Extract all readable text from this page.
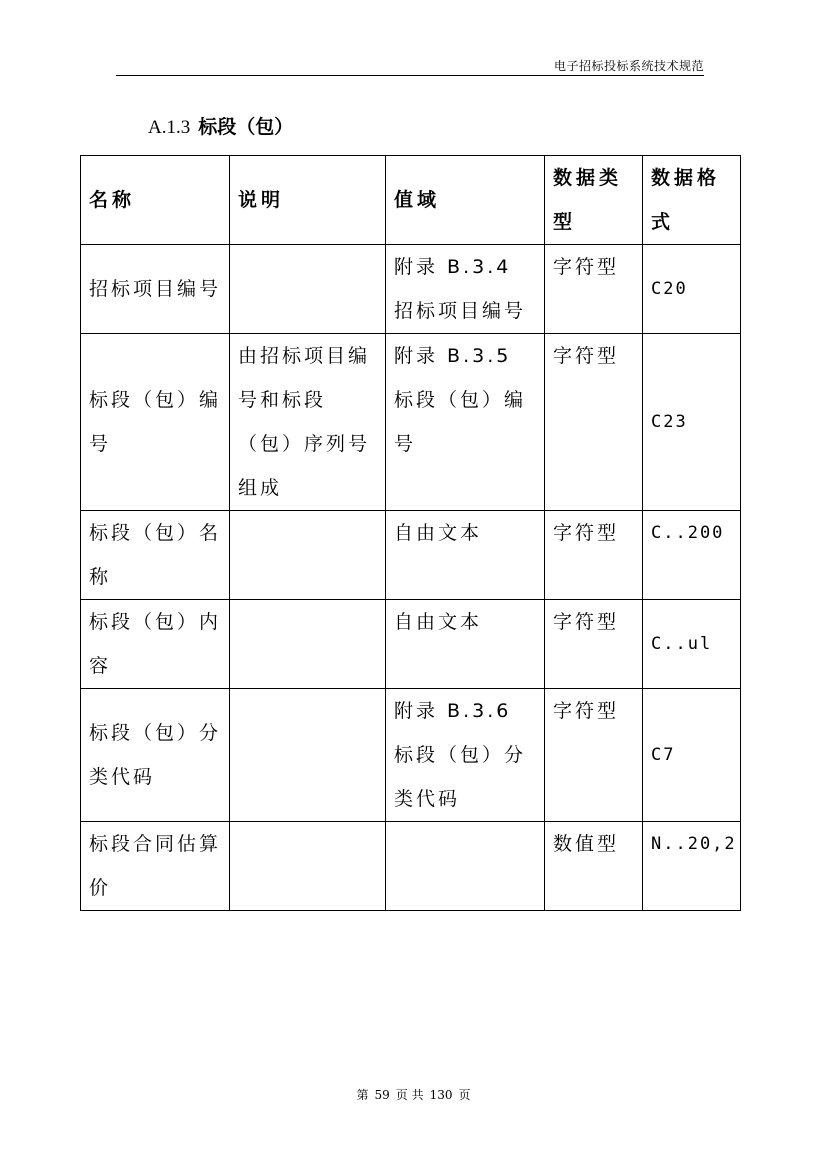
电子招标投标系统技术规范
A.1.3 标段（包）
名称	说明	值域	数据类型	数据格式
招标项目编号		附录 B.3.4 招标项目编号	字符型	C20
标段（包）编号	由招标项目编号和标段（包）序列号组成	附录 B.3.5 标段（包）编号	字符型	C23
标段（包）名称		自由文本	字符型	C..200
标段（包）内容		自由文本	字符型	C..ul
标段（包）分类代码		附录 B.3.6 标段（包）分类代码	字符型	C7
标段合同估算价			数值型	N..20,2
第 59 页 共 130 页
